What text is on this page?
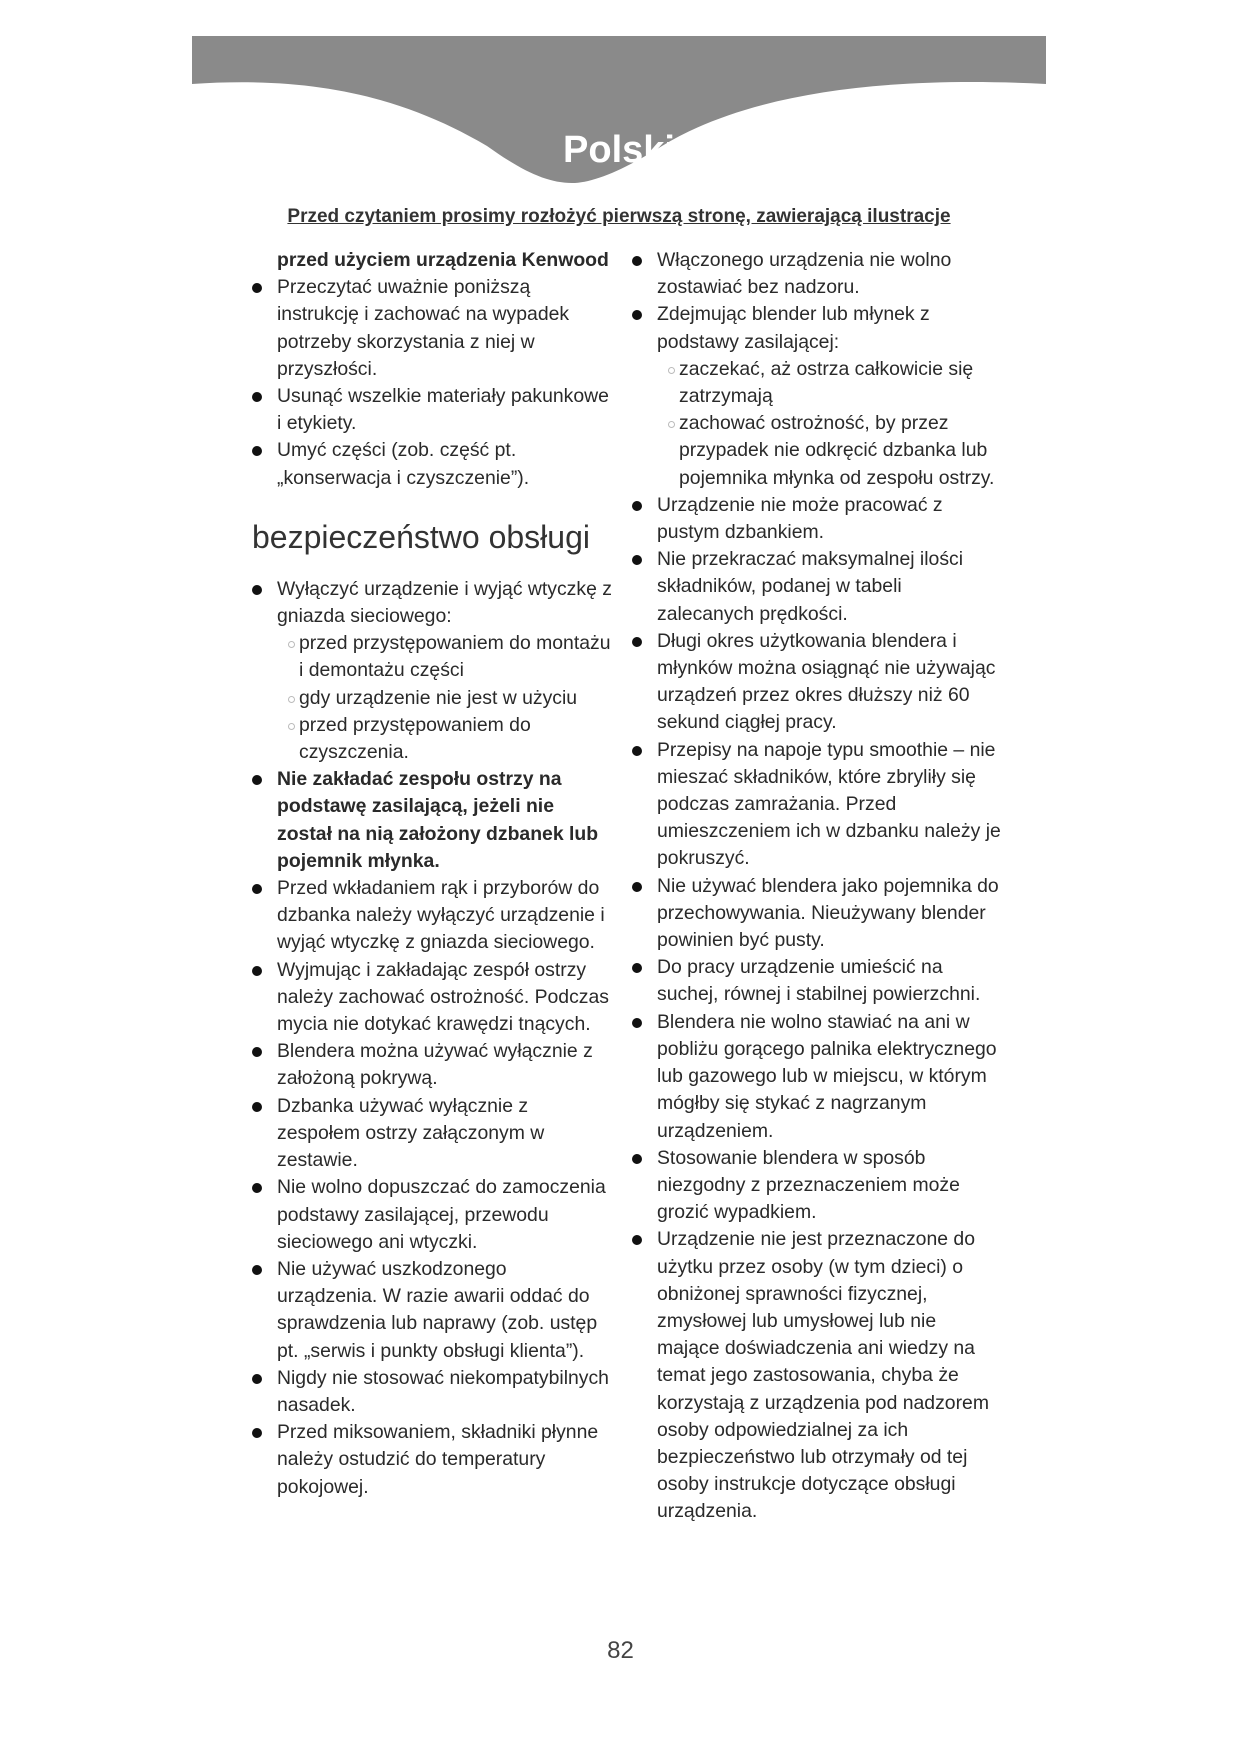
Polski
Przed czytaniem prosimy rozłożyć pierwszą stronę, zawierającą ilustracje
przed użyciem urządzenia Kenwood
Przeczytać uważnie poniższą instrukcję i zachować na wypadek potrzeby skorzystania z niej w przyszłości.
Usunąć wszelkie materiały pakunkowe i etykiety.
Umyć części (zob. część pt. „konserwacja i czyszczenie”).
bezpieczeństwo obsługi
Wyłączyć urządzenie i wyjąć wtyczkę z gniazda sieciowego:
przed przystępowaniem do montażu i demontażu części
gdy urządzenie nie jest w użyciu
przed przystępowaniem do czyszczenia.
Nie zakładać zespołu ostrzy na podstawę zasilającą, jeżeli nie został na nią założony dzbanek lub pojemnik młynka.
Przed wkładaniem rąk i przyborów do dzbanka należy wyłączyć urządzenie i wyjąć wtyczkę z gniazda sieciowego.
Wyjmując i zakładając zespół ostrzy należy zachować ostrożność. Podczas mycia nie dotykać krawędzi tnących.
Blendera można używać wyłącznie z założoną pokrywą.
Dzbanka używać wyłącznie z zespołem ostrzy załączonym w zestawie.
Nie wolno dopuszczać do zamoczenia podstawy zasilającej, przewodu sieciowego ani wtyczki.
Nie używać uszkodzonego urządzenia. W razie awarii oddać do sprawdzenia lub naprawy (zob. ustęp pt. „serwis i punkty obsługi klienta”).
Nigdy nie stosować niekompatybilnych nasadek.
Przed miksowaniem, składniki płynne należy ostudzić do temperatury pokojowej.
Włączonego urządzenia nie wolno zostawiać bez nadzoru.
Zdejmując blender lub młynek z podstawy zasilającej:
zaczekać, aż ostrza całkowicie się zatrzymają
zachować ostrożność, by przez przypadek nie odkręcić dzbanka lub pojemnika młynka od zespołu ostrzy.
Urządzenie nie może pracować z pustym dzbankiem.
Nie przekraczać maksymalnej ilości składników, podanej w tabeli zalecanych prędkości.
Długi okres użytkowania blendera i młynków można osiągnąć nie używając urządzeń przez okres dłuższy niż 60 sekund ciągłej pracy.
Przepisy na napoje typu smoothie – nie mieszać składników, które zbryliły się podczas zamrażania. Przed umieszczeniem ich w dzbanku należy je pokruszyć.
Nie używać blendera jako pojemnika do przechowywania. Nieużywany blender powinien być pusty.
Do pracy urządzenie umieścić na suchej, równej i stabilnej powierzchni.
Blendera nie wolno stawiać na ani w pobliżu gorącego palnika elektrycznego lub gazowego lub w miejscu, w którym mógłby się stykać z nagrzanym urządzeniem.
Stosowanie blendera w sposób niezgodny z przeznaczeniem może grozić wypadkiem.
Urządzenie nie jest przeznaczone do użytku przez osoby (w tym dzieci) o obniżonej sprawności fizycznej, zmysłowej lub umysłowej lub nie mające doświadczenia ani wiedzy na temat jego zastosowania, chyba że korzystają z urządzenia pod nadzorem osoby odpowiedzialnej za ich bezpieczeństwo lub otrzymały od tej osoby instrukcje dotyczące obsługi urządzenia.
82
